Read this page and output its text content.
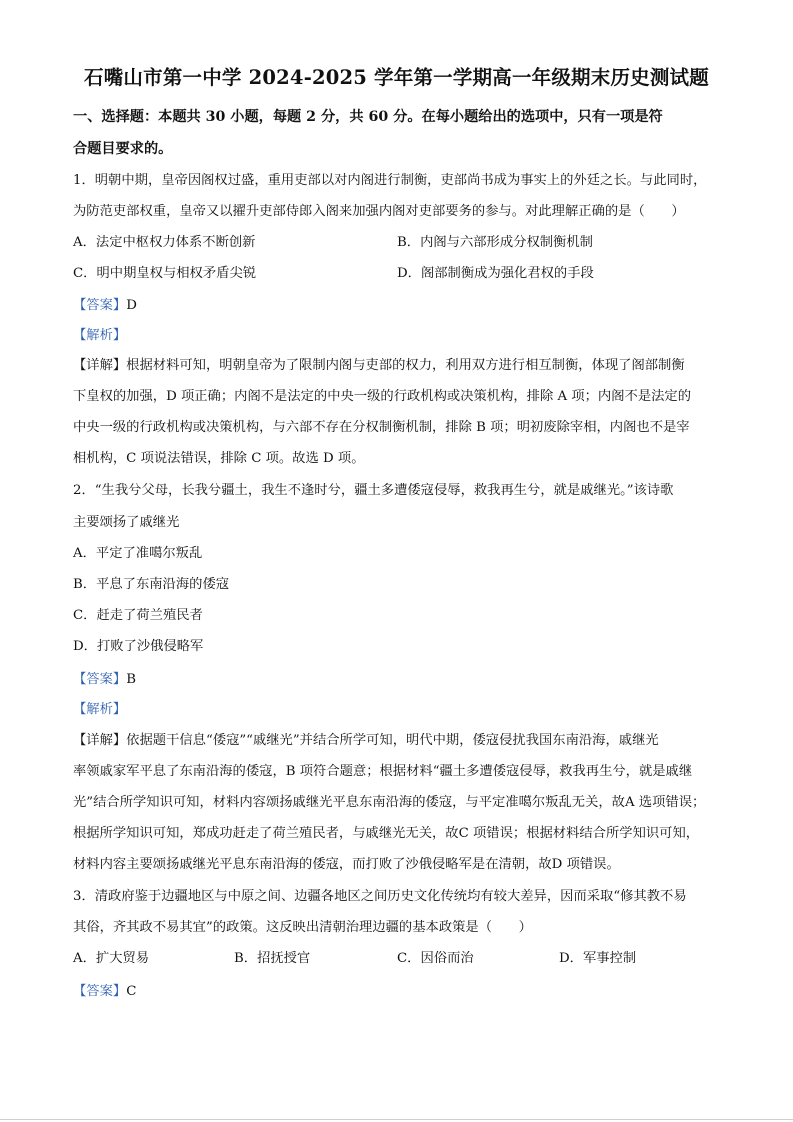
石嘴山市第一中学 2024-2025 学年第一学期高一年级期末历史测试题
一、选择题：本题共 30 小题，每题 2 分，共 60 分。在每小题给出的选项中，只有一项是符
合题目要求的。
1．明朝中期，皇帝因阁权过盛，重用吏部以对内阁进行制衡，吏部尚书成为事实上的外廷之长。与此同时，
为防范吏部权重，皇帝又以擢升吏部侍郎入阁来加强内阁对吏部要务的参与。对此理解正确的是（　　）
A．法定中枢权力体系不断创新	B．内阁与六部形成分权制衡机制
C．明中期皇权与相权矛盾尖锐	D．阁部制衡成为强化君权的手段
【答案】D
【解析】
【详解】根据材料可知，明朝皇帝为了限制内阁与吏部的权力，利用双方进行相互制衡，体现了阁部制衡
下皇权的加强，D 项正确；内阁不是法定的中央一级的行政机构或决策机构，排除 A 项；内阁不是法定的
中央一级的行政机构或决策机构，与六部不存在分权制衡机制，排除 B 项；明初废除宰相，内阁也不是宰
相机构，C 项说法错误，排除 C 项。故选 D 项。
2．“生我兮父母，长我兮疆土，我生不逢时兮，疆土多遭倭寇侵辱，救我再生兮，就是戚继光。”该诗歌
主要颂扬了戚继光
A．平定了准噶尔叛乱
B．平息了东南沿海的倭寇
C．赶走了荷兰殖民者
D．打败了沙俄侵略军
【答案】B
【解析】
【详解】依据题干信息“倭寇”“戚继光”并结合所学可知，明代中期，倭寇侵扰我国东南沿海，戚继光
率领戚家军平息了东南沿海的倭寇，B 项符合题意；根据材料“疆土多遭倭寇侵辱，救我再生兮，就是戚继
光”结合所学知识可知，材料内容颂扬戚继光平息东南沿海的倭寇，与平定准噶尔叛乱无关，故A 选项错误；
根据所学知识可知，郑成功赶走了荷兰殖民者，与戚继光无关，故C 项错误；根据材料结合所学知识可知，
材料内容主要颂扬戚继光平息东南沿海的倭寇，而打败了沙俄侵略军是在清朝，故D 项错误。
3．清政府鉴于边疆地区与中原之间、边疆各地区之间历史文化传统均有较大差异，因而采取“修其教不易
其俗，齐其政不易其宜”的政策。这反映出清朝治理边疆的基本政策是（　　）
A．扩大贸易	B．招抚授官	C．因俗而治	D．军事控制
【答案】C
